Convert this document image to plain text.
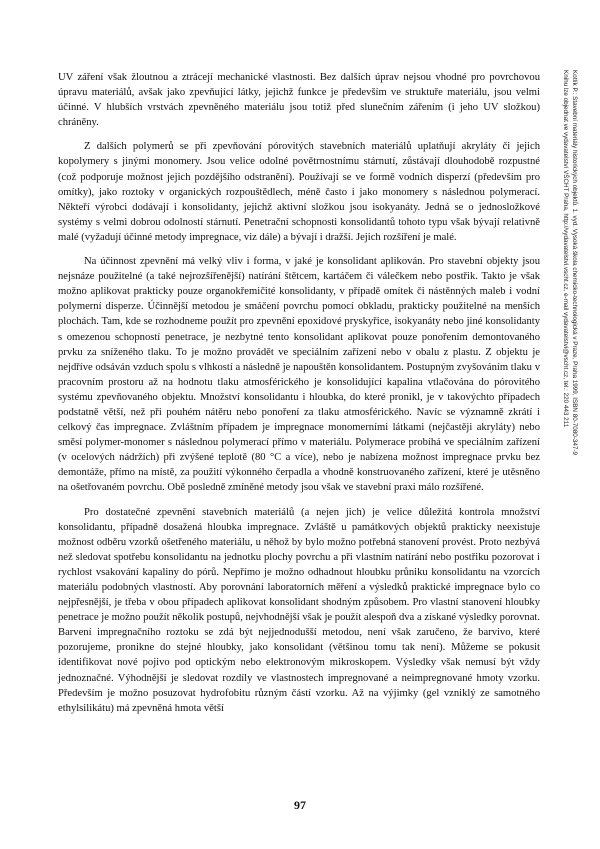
UV záření však žloutnou a ztrácejí mechanické vlastnosti. Bez dalších úprav nejsou vhodné pro povrchovou úpravu materiálů, avšak jako zpevňující látky, jejichž funkce je především ve struktuře materiálu, jsou velmi účinné. V hlubších vrstvách zpevněného materiálu jsou totiž před slunečním zářením (i jeho UV složkou) chráněny.

Z dalších polymerů se při zpevňování pórovitých stavebních materiálů uplatňují akryláty či jejich kopolymery s jinými monomery. Jsou velice odolné povětrnostnímu stárnutí, zůstávají dlouhodobě rozpustné (což podporuje možnost jejich pozdějšího odstranění). Používají se ve formě vodních disperzí (především pro omítky), jako roztoky v organických rozpouštědlech, méně často i jako monomery s následnou polymerací. Někteří výrobci dodávají i konsolidanty, jejichž aktivní složkou jsou isokyanáty. Jedná se o jednosložkové systémy s velmi dobrou odolností stárnutí. Penetrační schopnosti konsolidantů tohoto typu však bývají relativně malé (vyžadují účinné metody impregnace, viz dále) a bývají i dražší. Jejich rozšíření je malé.

Na účinnost zpevnění má velký vliv i forma, v jaké je konsolidant aplikován. Pro stavební objekty jsou nejsnáze použitelné (a také nejrozšířenější) natírání štětcem, kartáčem či válečkem nebo postřik. Takto je však možno aplikovat prakticky pouze organokřemičité konsolidanty, v případě omítek či nástěnných maleb i vodní polymerní disperze. Účinnější metodou je smáčení povrchu pomocí obkladu, prakticky použitelné na menších plochách. Tam, kde se rozhodneme použít pro zpevnění epoxidové pryskyřice, isokyanáty nebo jiné konsolidanty s omezenou schopností penetrace, je nezbytné tento konsolidant aplikovat pouze ponořením demontovaného prvku za sníženého tlaku. To je možno provádět ve speciálním zařízení nebo v obalu z plastu. Z objektu je nejdříve odsáván vzduch spolu s vlhkostí a následně je napouštěn konsolidantem. Postupným zvyšováním tlaku v pracovním prostoru až na hodnotu tlaku atmosférického je konsolidující kapalina vtlačována do pórovitého systému zpevňovaného objektu. Množství konsolidantu i hloubka, do které pronikl, je v takovýchto případech podstatně větší, než při pouhém nátěru nebo ponoření za tlaku atmosférického. Navíc se významně zkrátí i celkový čas impregnace. Zvláštním případem je impregnace monomerními látkami (nejčastěji akryláty) nebo směsí polymer-monomer s následnou polymerací přímo v materiálu. Polymerace probíhá ve speciálním zařízení (v ocelových nádržích) při zvýšené teplotě (80 °C a více), nebo je nabízena možnost impregnace prvku bez demontáže, přímo na místě, za použití výkonného čerpadla a vhodně konstruovaného zařízení, které je utěsněno na ošetřovaném povrchu. Obě posledně zmíněné metody jsou však ve stavební praxi málo rozšířené.

Pro dostatečné zpevnění stavebních materiálů (a nejen jich) je velice důležitá kontrola množství konsolidantu, případně dosažená hloubka impregnace. Zvláště u památkových objektů prakticky neexistuje možnost odběru vzorků ošetřeného materiálu, u něhož by bylo možno potřebná stanovení provést. Proto nezbývá než sledovat spotřebu konsolidantu na jednotku plochy povrchu a při vlastním natírání nebo postřiku pozorovat i rychlost vsakování kapaliny do pórů. Nepřímo je možno odhadnout hloubku průniku konsolidantu na vzorcích materiálu podobných vlastností. Aby porovnání laboratorních měření a výsledků praktické impregnace bylo co nejpřesnější, je třeba v obou případech aplikovat konsolidant shodným způsobem. Pro vlastní stanovení hloubky penetrace je možno použít několik postupů, nejvhodnější však je použít alespoň dva a získané výsledky porovnat. Barvení impregnačního roztoku se zdá být nejjednodušší metodou, není však zaručeno, že barvivo, které pozorujeme, pronikne do stejné hloubky, jako konsolidant (většinou tomu tak není). Můžeme se pokusit identifikovat nové pojivo pod optickým nebo elektronovým mikroskopem. Výsledky však nemusí být vždy jednoznačné. Výhodnější je sledovat rozdíly ve vlastnostech impregnované a neimpregnované hmoty vzorku. Především je možno posuzovat hydrofobitu různým částí vzorku. Až na výjimky (gel vzniklý ze samotného ethylsilikátu) má zpevněná hmota větší

Kotlík P.: Stavební materiály historických objektů. 1. vyd. Vysoká škola chemicko-technologická v Praze, Praha 1999, ISBN 80-7080-347-9
Knihu lze objednat ve vydavatelství VŠCHT Praha, http://vydavatelstvi.vscht.cz, e-mail vydavatelstvi@vscht.cz, tel.: 220 443 211
97
